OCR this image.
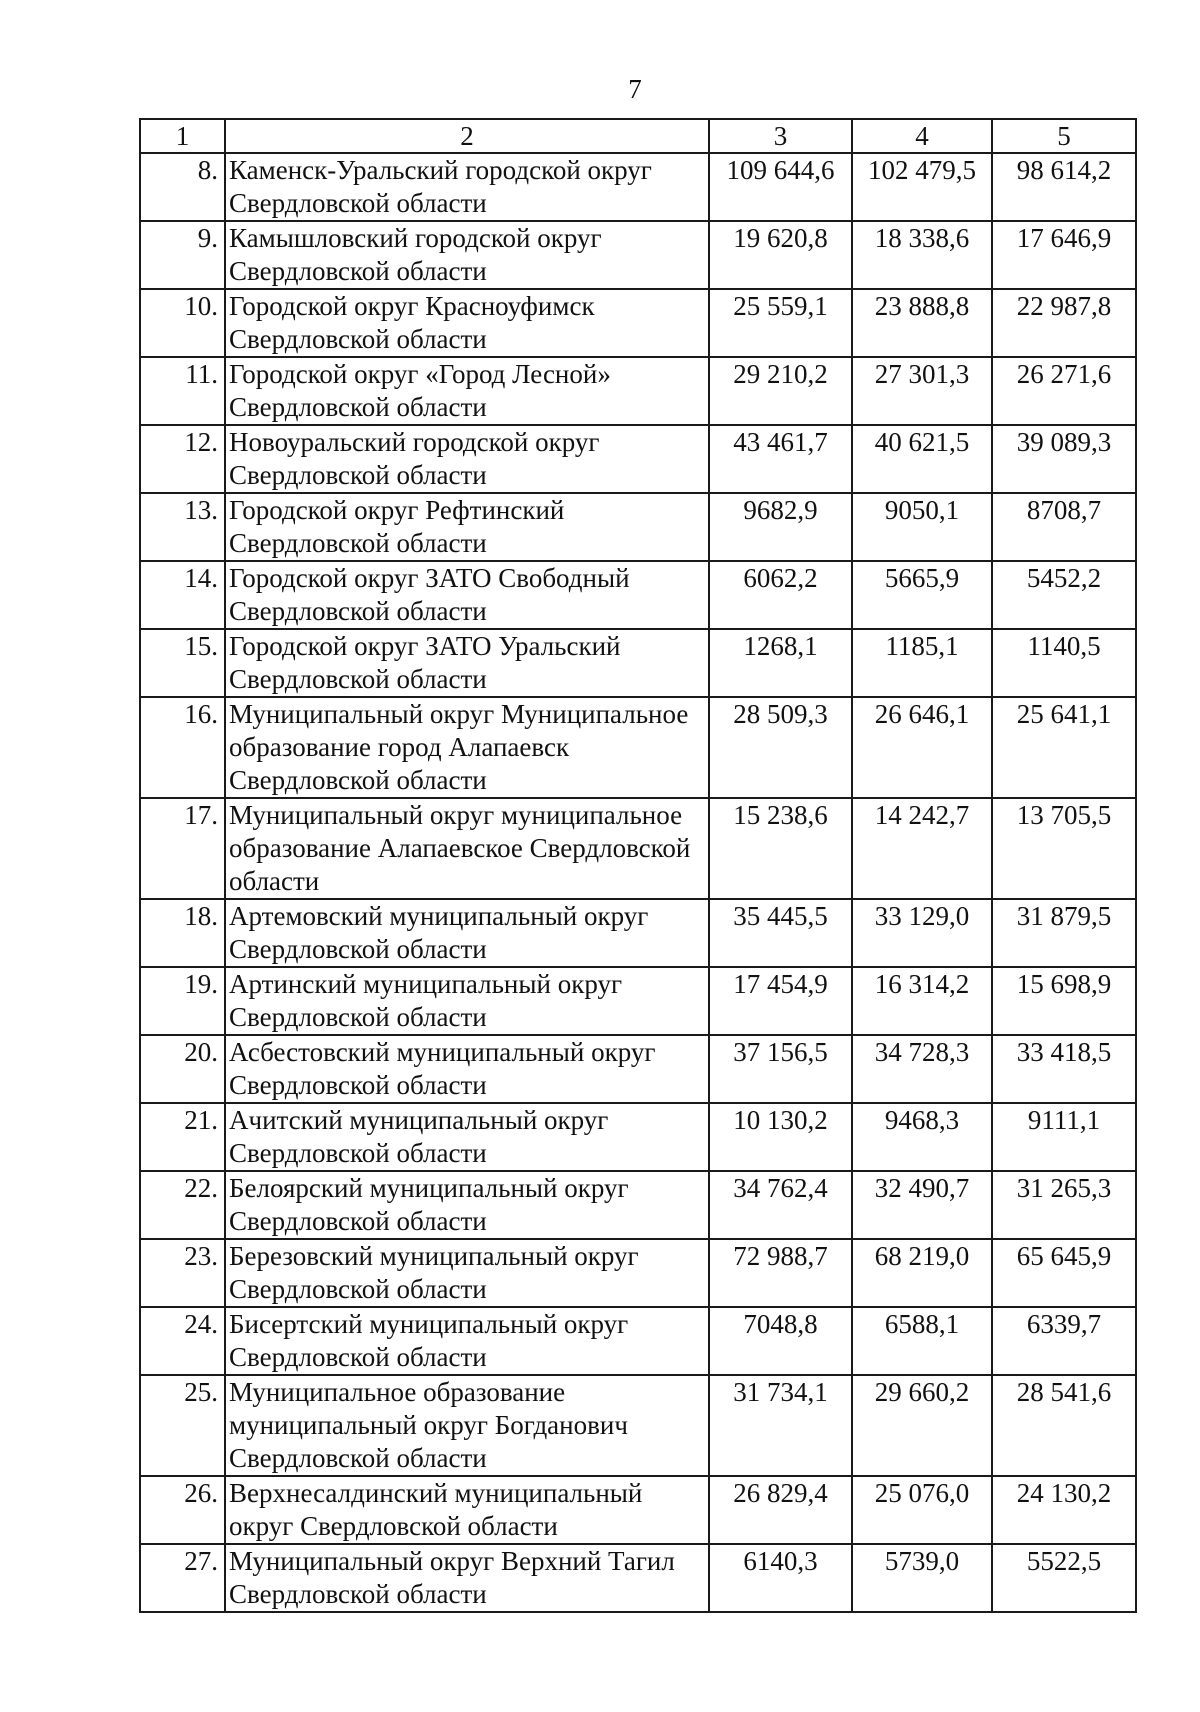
7
1	2	3	4	5
8.	Каменск-Уральский городской округ Свердловской области	109 644,6	102 479,5	98 614,2
9.	Камышловский городской округ Свердловской области	19 620,8	18 338,6	17 646,9
10.	Городской округ Красноуфимск Свердловской области	25 559,1	23 888,8	22 987,8
11.	Городской округ «Город Лесной» Свердловской области	29 210,2	27 301,3	26 271,6
12.	Новоуральский городской округ Свердловской области	43 461,7	40 621,5	39 089,3
13.	Городской округ Рефтинский Свердловской области	9682,9	9050,1	8708,7
14.	Городской округ ЗАТО Свободный Свердловской области	6062,2	5665,9	5452,2
15.	Городской округ ЗАТО Уральский Свердловской области	1268,1	1185,1	1140,5
16.	Муниципальный округ Муниципальное образование город Алапаевск Свердловской области	28 509,3	26 646,1	25 641,1
17.	Муниципальный округ муниципальное образование Алапаевское Свердловской области	15 238,6	14 242,7	13 705,5
18.	Артемовский муниципальный округ Свердловской области	35 445,5	33 129,0	31 879,5
19.	Артинский муниципальный округ Свердловской области	17 454,9	16 314,2	15 698,9
20.	Асбестовский муниципальный округ Свердловской области	37 156,5	34 728,3	33 418,5
21.	Ачитский муниципальный округ Свердловской области	10 130,2	9468,3	9111,1
22.	Белоярский муниципальный округ Свердловской области	34 762,4	32 490,7	31 265,3
23.	Березовский муниципальный округ Свердловской области	72 988,7	68 219,0	65 645,9
24.	Бисертский муниципальный округ Свердловской области	7048,8	6588,1	6339,7
25.	Муниципальное образование муниципальный округ Богданович Свердловской области	31 734,1	29 660,2	28 541,6
26.	Верхнесалдинский муниципальный округ Свердловской области	26 829,4	25 076,0	24 130,2
27.	Муниципальный округ Верхний Тагил Свердловской области	6140,3	5739,0	5522,5
